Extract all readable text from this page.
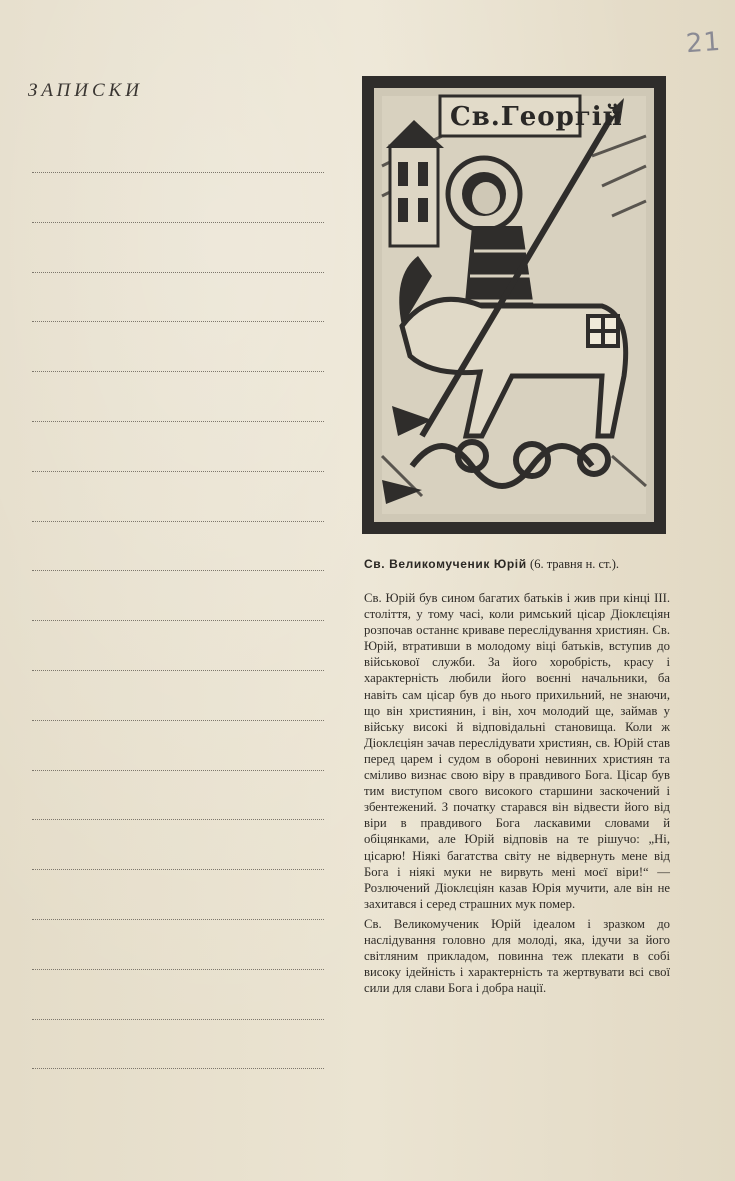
21
ЗАПИСКИ
Св.Георгій
Св. Великомученик Юрій (6. травня н. ст.).

Св. Юрій був сином багатих батьків і жив при кінці III. століття, у тому часі, коли римський цісар Діоклєціян розпочав останнє криваве переслідування християн. Св. Юрій, втративши в молодому віці батьків, вступив до військової служби. За його хоробрість, красу і характерність любили його воєнні начальники, ба навіть сам цісар був до нього прихильний, не знаючи, що він християнин, і він, хоч молодий ще, займав у війську високі й відповідальні становища. Коли ж Діоклєціян зачав переслідувати християн, св. Юрій став перед царем і судом в обороні невинних християн та сміливо визнає свою віру в правдивого Бога. Цісар був тим виступом свого високого старшини заскочений і збентежений. З початку старався він відвести його від віри в правдивого Бога ласкавими словами й обіцянками, але Юрій відповів на те рішучо: „Ні, цісарю! Ніякі багатства світу не відвернуть мене від Бога і ніякі муки не вирвуть мені моєї віри!“ — Розлючений Діоклєціян казав Юрія мучити, але він не захитався і серед страшних мук помер.

Св. Великомученик Юрій ідеалом і зразком до наслідування головно для молоді, яка, ідучи за його світляним прикладом, повинна теж плекати в собі високу ідейність і характерність та жертвувати всі свої сили для слави Бога і добра нації.
